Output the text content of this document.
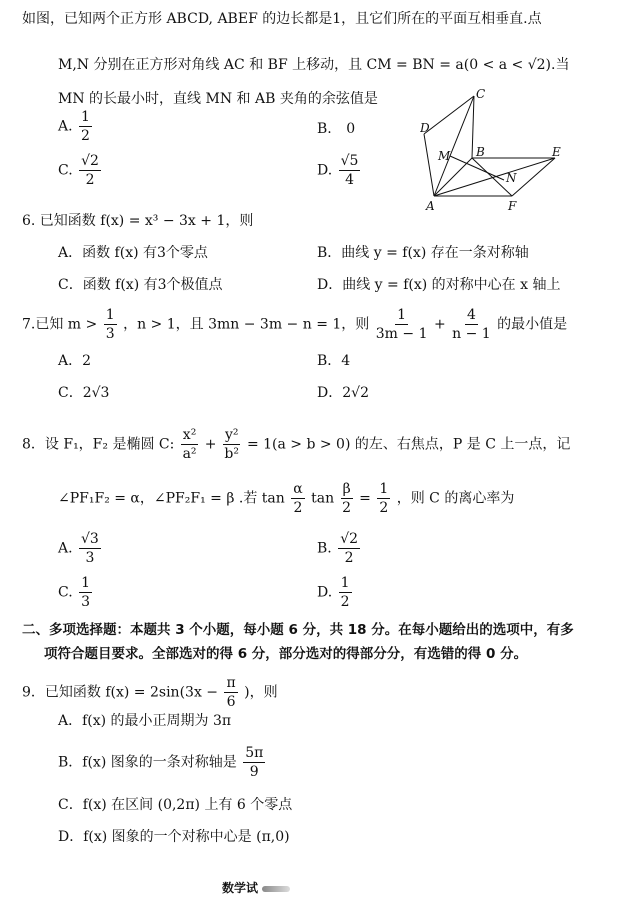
如图，已知两个正方形 ABCD, ABEF 的边长都是1，且它们所在的平面互相垂直.点
M,N 分别在正方形对角线 AC 和 BF 上移动，且 CM = BN = a(0 < a < √2).当
MN 的长最小时，直线 MN 和 AB 夹角的余弦值是
A. $\frac{1}{2}$	B. 0
C. $\frac{√2}{2}$	D. $\frac{√5}{4}$
C
D
M B	E
N
A	F
6. 已知函数 f(x) = x³ − 3x + 1，则
A．函数 f(x) 有3个零点	B．曲线 y = f(x) 存在一条对称轴
C．函数 f(x) 有3个极值点	D．曲线 y = f(x) 的对称中心在 x 轴上
7.已知 $m > \frac{1}{3}$ ，n > 1，且 3mn − 3m − n = 1，则 $\frac{1}{3m - 1} + \frac{4}{n - 1}$ 的最小值是
A．2	B．4
C．2√3	D．2√2
8．设 F₁，F₂ 是椭圆 C: $\frac{\text{x²}}{\text{a²}} + \frac{\text{y²}}{\text{b²}} = 1(a > b > 0)$ 的左、右焦点，P 是 C 上一点，记
∠PF₁F₂ = α，∠PF₂F₁ = β .若 $\tan \frac{\alpha}{2}$ $\tan \frac{\beta}{2} = \frac{1}{2}$ ，则 C 的离心率为
A. $\frac{√3}{3}$	B. $\frac{√2}{2}$
C. $\frac{1}{3}$	D. $\frac{1}{2}$
二、多项选择题：本题共 3 个小题，每小题 6 分，共 18 分。在每小题给出的选项中，有多
项符合题目要求。全部选对的得 6 分，部分选对的得部分分，有选错的得 0 分。
9．已知函数 $f(x) = 2\sin(3x - \frac{\pi}{6}$ )，则
A．f(x) 的最小正周期为 3π
B．f(x) 图象的一条对称轴是 $\frac{5\pi}{9}$
C．f(x) 在区间 (0,2π) 上有 6 个零点
D．f(x) 图象的一个对称中心是 (π,0)
数学试
